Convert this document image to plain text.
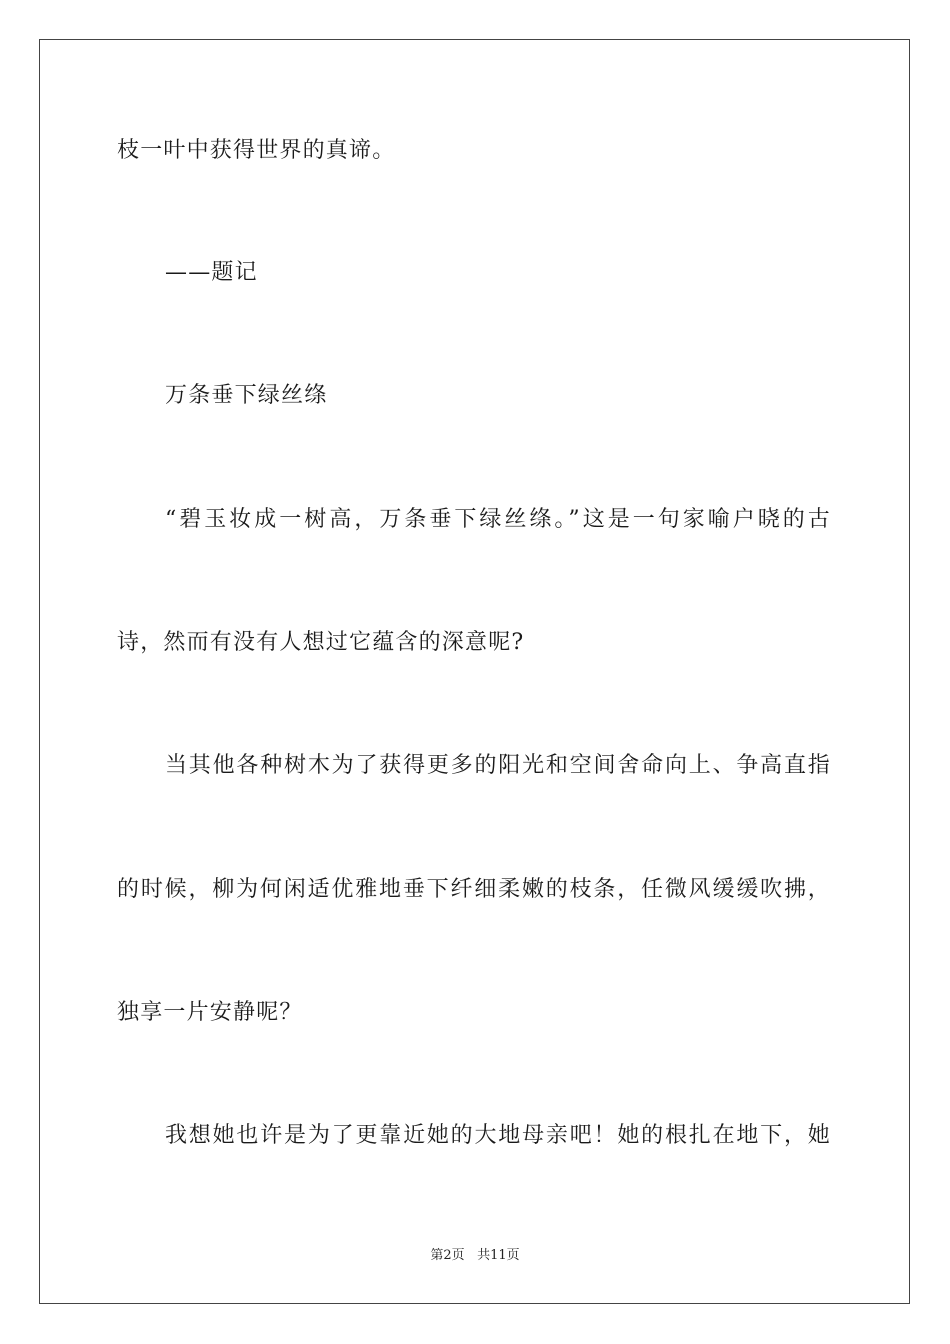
枝一叶中获得世界的真谛。
——题记
万条垂下绿丝绦
“碧玉妆成一树高，万条垂下绿丝绦。”这是一句家喻户晓的古
诗，然而有没有人想过它蕴含的深意呢?
当其他各种树木为了获得更多的阳光和空间舍命向上、争高直指
的时候，柳为何闲适优雅地垂下纤细柔嫩的枝条，任微风缓缓吹拂，
独享一片安静呢？
我想她也许是为了更靠近她的大地母亲吧！她的根扎在地下，她
第2页 共11页
